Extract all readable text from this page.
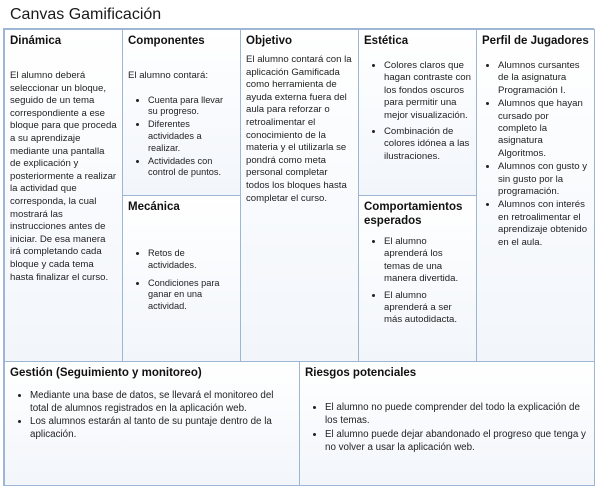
Canvas Gamificación
Dinámica

El alumno deberá seleccionar un bloque, seguido de un tema correspondiente a ese bloque para que proceda a su aprendizaje mediante una pantalla de explicación y posteriormente a realizar la actividad que corresponda, la cual mostrará las instrucciones antes de iniciar. De esa manera irá completando cada bloque y cada tema hasta finalizar el curso.

Componentes

El alumno contará:

• Cuenta para llevar su progreso.
• Diferentes actividades a realizar.
• Actividades con control de puntos.
Mecánica
• Retos de actividades.
• Condiciones para ganar en una actividad.
Objetivo

El alumno contará con la aplicación Gamificada como herramienta de ayuda externa fuera del aula para reforzar o retroalimentar el conocimiento de la materia y el utilizarla se pondrá como meta personal completar todos los bloques hasta completar el curso.

Estética
• Colores claros que hagan contraste con los fondos oscuros para permitir una mejor visualización.
• Combinación de colores idónea a las ilustraciones.
Comportamientos esperados
• El alumno aprenderá los temas de una manera divertida.
• El alumno aprenderá a ser más autodidacta.
Perfil de Jugadores
• Alumnos cursantes de la asignatura Programación I.
• Alumnos que hayan cursado por completo la asignatura Algoritmos.
• Alumnos con gusto y sin gusto por la programación.
• Alumnos con interés en retroalimentar el aprendizaje obtenido en el aula.
Gestión (Seguimiento y monitoreo)
• Mediante una base de datos, se llevará el monitoreo del total de alumnos registrados en la aplicación web.
• Los alumnos estarán al tanto de su puntaje dentro de la aplicación.
Riesgos potenciales
• El alumno no puede comprender del todo la explicación de los temas.
• El alumno puede dejar abandonado el progreso que tenga y no volver a usar la aplicación web.
